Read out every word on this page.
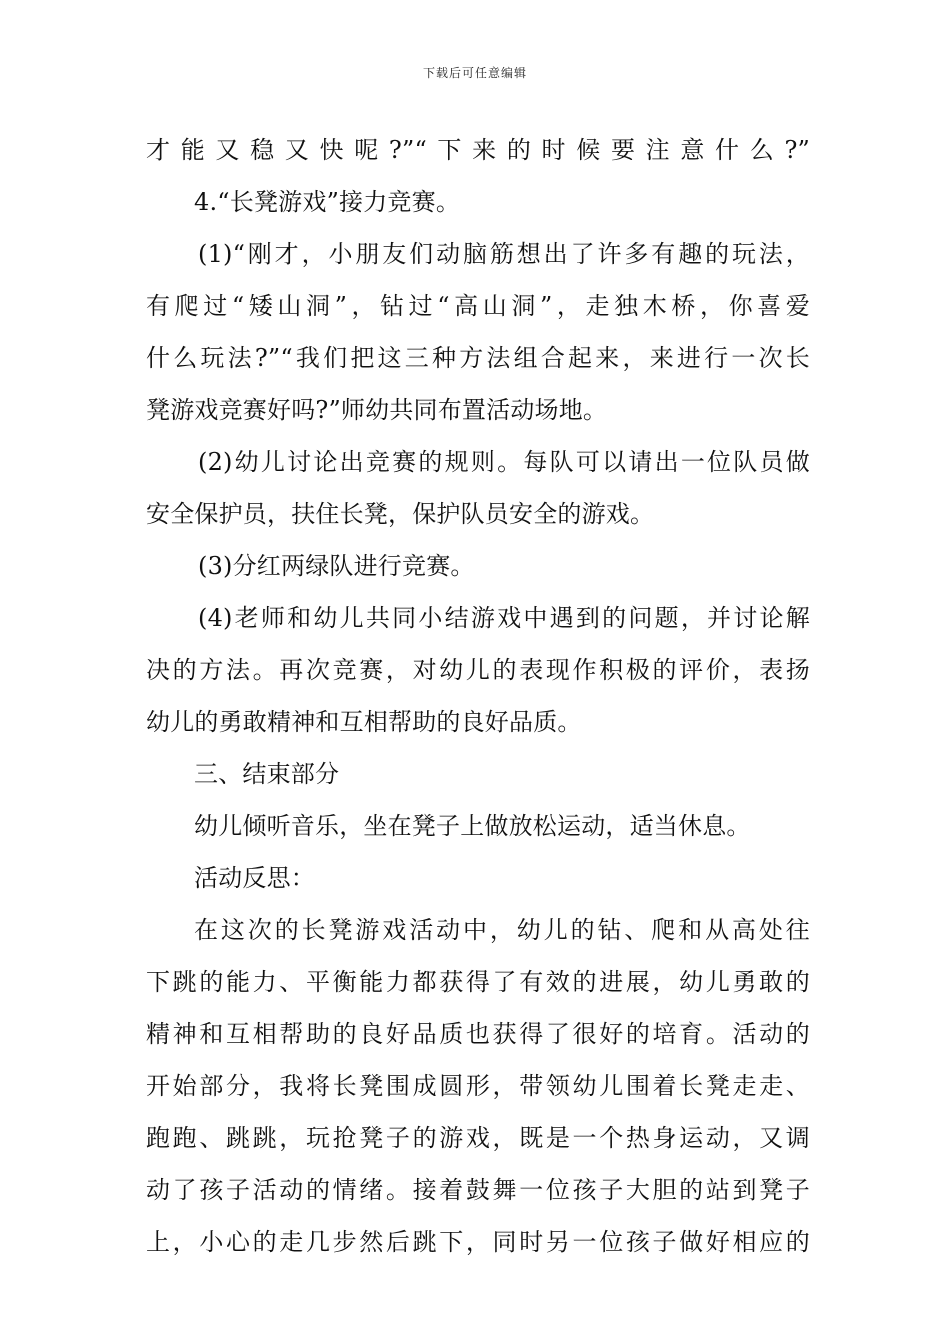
下载后可任意编辑
才能又稳又快呢?”“下来的时候要注意什么?”
4.“长凳游戏”接力竞赛。
(1)“刚才，小朋友们动脑筋想出了许多有趣的玩法，
有爬过“矮山洞”，钻过“高山洞”，走独木桥，你喜爱
什么玩法?”“我们把这三种方法组合起来，来进行一次长
凳游戏竞赛好吗?”师幼共同布置活动场地。
(2)幼儿讨论出竞赛的规则。每队可以请出一位队员做
安全保护员，扶住长凳，保护队员安全的游戏。
(3)分红两绿队进行竞赛。
(4)老师和幼儿共同小结游戏中遇到的问题，并讨论解
决的方法。再次竞赛，对幼儿的表现作积极的评价，表扬
幼儿的勇敢精神和互相帮助的良好品质。
三、结束部分
幼儿倾听音乐，坐在凳子上做放松运动，适当休息。
活动反思：
在这次的长凳游戏活动中，幼儿的钻、爬和从高处往
下跳的能力、平衡能力都获得了有效的进展，幼儿勇敢的
精神和互相帮助的良好品质也获得了很好的培育。活动的
开始部分，我将长凳围成圆形，带领幼儿围着长凳走走、
跑跑、跳跳，玩抢凳子的游戏，既是一个热身运动，又调
动了孩子活动的情绪。接着鼓舞一位孩子大胆的站到凳子
上，小心的走几步然后跳下，同时另一位孩子做好相应的
